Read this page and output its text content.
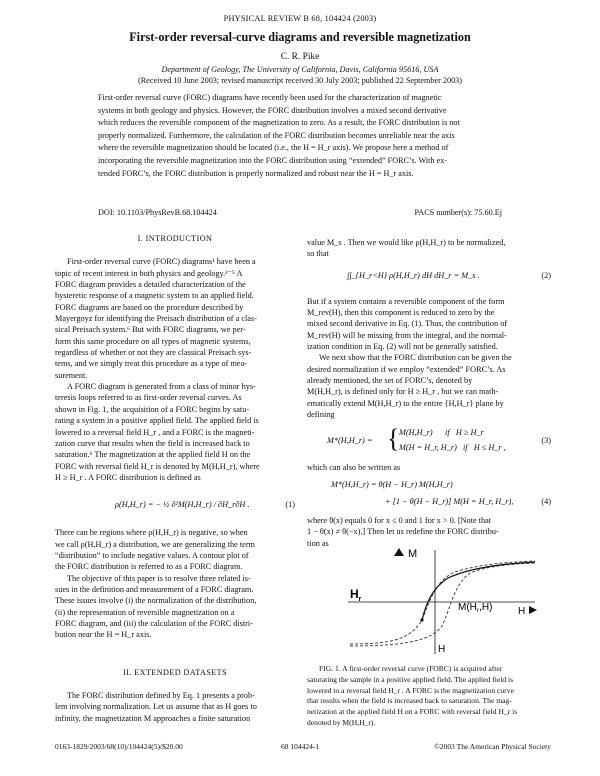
PHYSICAL REVIEW B 68, 104424 (2003)
First-order reversal-curve diagrams and reversible magnetization
C. R. Pike
Department of Geology, The University of California, Davis, California 95616, USA
(Received 10 June 2003; revised manuscript received 30 July 2003; published 22 September 2003)
First-order reversal curve (FORC) diagrams have recently been used for the characterization of magnetic
systems in both geology and physics. However, the FORC distribution involves a mixed second derivative
which reduces the reversible component of the magnetization to zero. As a result, the FORC distribution is not
properly normalized. Furthermore, the calculation of the FORC distribution becomes unreliable near the axis
where the reversible magnetization should be located (i.e., the H = H_r axis). We propose here a method of
incorporating the reversible magnetization into the FORC distribution using “extended” FORC’s. With ex-
tended FORC’s, the FORC distribution is properly normalized and robust near the H = H_r axis.
DOI: 10.1103/PhysRevB.68.104424	PACS number(s): 75.60.Ej
I. INTRODUCTION
First-order reversal curve (FORC) diagrams¹ have been a
topic of recent interest in both physics and geology.²⁻⁵ A
FORC diagram provides a detailed characterization of the
hysteretic response of a magnetic system to an applied field.
FORC diagrams are based on the procedure described by
Mayergoyz for identifying the Preisach distribution of a clas-
sical Preisach system.⁶ But with FORC diagrams, we per-
form this same procedure on all types of magnetic systems,
regardless of whether or not they are classical Preisach sys-
tems, and we simply treat this procedure as a type of mea-
surement.
A FORC diagram is generated from a class of minor hys-
teresis loops referred to as first-order reversal curves. As
shown in Fig. 1, the acquisition of a FORC begins by satu-
rating a system in a positive applied field. The applied field is
lowered to a reversal field H_r , and a FORC is the magneti-
zation curve that results when the field is increased back to
saturation.⁶ The magnetization at the applied field H on the
FORC with reversal field H_r is denoted by M(H,H_r), where
H ≥ H_r . A FORC distribution is defined as
ρ(H,H_r) = − ½ ∂²M(H,H_r) / ∂H_r∂H .	(1)
There can be regions where ρ(H,H_r) is negative, so when
we call ρ(H,H_r) a distribution, we are generalizing the term
“distribution” to include negative values. A contour plot of
the FORC distribution is referred to as a FORC diagram.
The objective of this paper is to resolve three related is-
sues in the definition and measurement of a FORC diagram.
These issues involve (i) the normalization of the distribution,
(ii) the representation of reversible magnetization on a
FORC diagram, and (iii) the calculation of the FORC distri-
bution near the H = H_r axis.
II. EXTENDED DATASETS
The FORC distribution defined by Eq. 1 presents a prob-
lem involving normalization. Let us assume that as H goes to
infinity, the magnetization M approaches a finite saturation
value M_s . Then we would like ρ(H,H_r) to be normalized,
so that
∫∫_{H_r<H} ρ(H,H_r) dH dH_r = M_s .	(2)
But if a system contains a reversible component of the form
M_rev(H), then this component is reduced to zero by the
mixed second derivative in Eq. (1). Thus, the contribution of
M_rev(H) will be missing from the integral, and the normal-
ization condition in Eq. (2) will not be generally satisfied.
We next show that the FORC distribution can be given the
desired normalization if we employ “extended” FORC’s. As
already mentioned, the set of FORC’s, denoted by
M(H,H_r), is defined only for H ≥ H_r , but we can math-
ematically extend M(H,H_r) to the entire {H,H_r} plane by
defining
M*(H,H_r) = { M(H,H_r)      if   H ≥ H_r
M(H = H_r, H_r)   if   H ≤ H_r ,
(3)
which can also be written as
M*(H,H_r) = θ(H − H_r) M(H,H_r)
+ [1 − θ(H − H_r)] M(H = H_r, H_r),	(4)
where θ(x) equals 0 for x ≤ 0 and 1 for x > 0. [Note that
1 − θ(x) ≠ θ(−x).] Then let us redefine the FORC distribu-
tion as
M
$H_r$
$M(H_r,H)$	H
H
FIG. 1. A first-order reversal curve (FORC) is acquired after
saturating the sample in a positive applied field. The applied field is
lowered to a reversal field H_r . A FORC is the magnetization curve
that results when the field is increased back to saturation. The mag-
netization at the applied field H on a FORC with reversal field H_r is
denoted by M(H,H_r).
0163-1829/2003/68(10)/104424(5)/$20.00	68 104424-1	©2003 The American Physical Society
